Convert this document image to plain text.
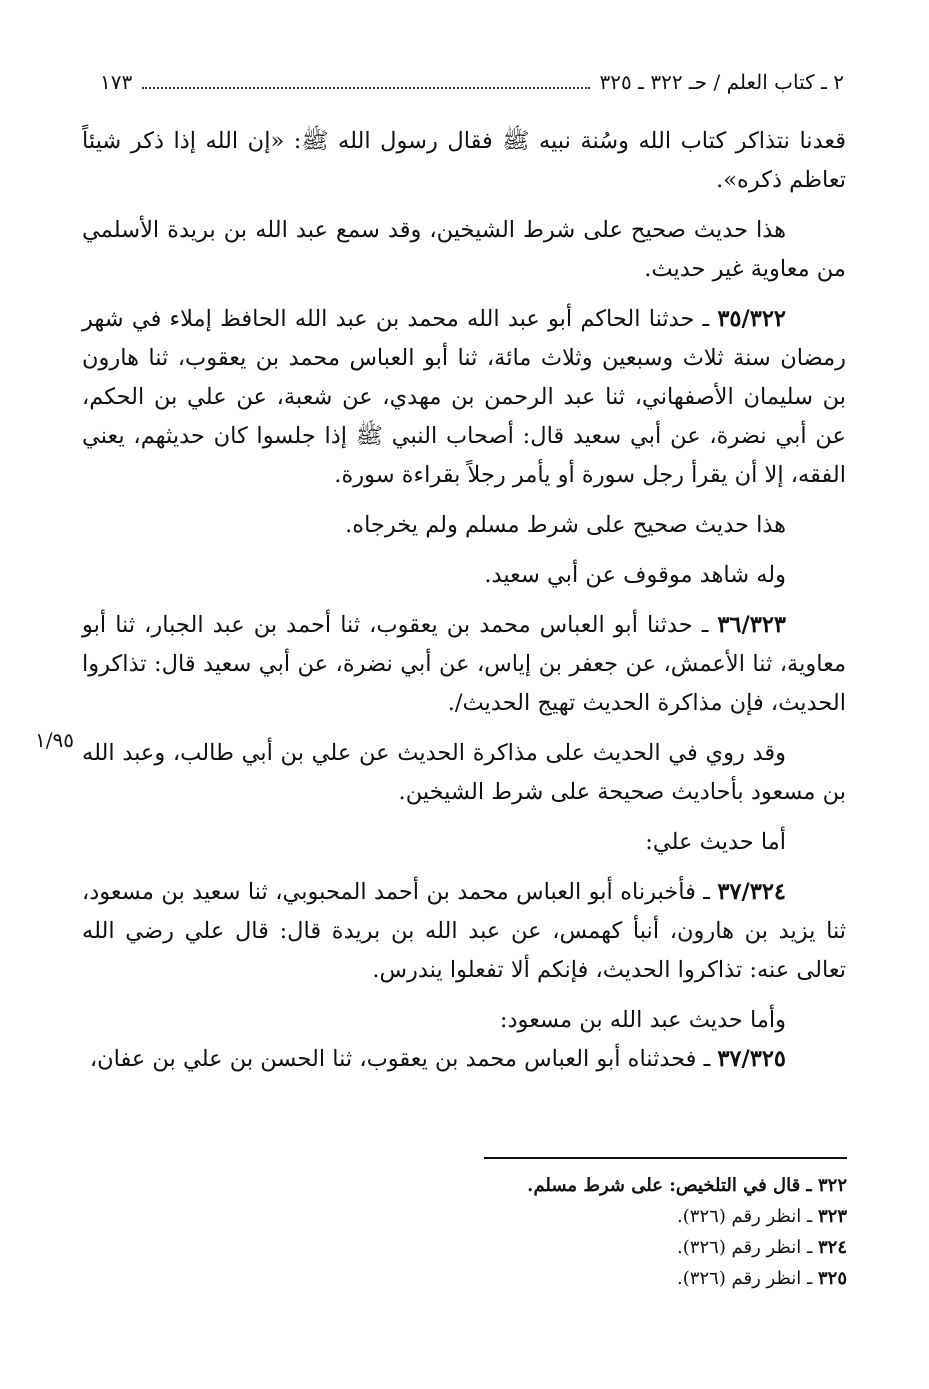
٢ ـ كتاب العلم / حـ ٣٢٢ ـ ٣٢٥
١٧٣

قعدنا نتذاكر كتاب الله وسُنة نبيه ﷺ فقال رسول الله ﷺ: «إن الله إذا ذكر شيئاً تعاظم ذكره».

هذا حديث صحيح على شرط الشيخين، وقد سمع عبد الله بن بريدة الأسلمي من معاوية غير حديث.

٣٥/٣٢٢ ـ حدثنا الحاكم أبو عبد الله محمد بن عبد الله الحافظ إملاء في شهر رمضان سنة ثلاث وسبعين وثلاث مائة، ثنا أبو العباس محمد بن يعقوب، ثنا هارون بن سليمان الأصفهاني، ثنا عبد الرحمن بن مهدي، عن شعبة، عن علي بن الحكم، عن أبي نضرة، عن أبي سعيد قال: أصحاب النبي ﷺ إذا جلسوا كان حديثهم، يعني الفقه، إلا أن يقرأ رجل سورة أو يأمر رجلاً بقراءة سورة.

هذا حديث صحيح على شرط مسلم ولم يخرجاه.

وله شاهد موقوف عن أبي سعيد.

٣٦/٣٢٣ ـ حدثنا أبو العباس محمد بن يعقوب، ثنا أحمد بن عبد الجبار، ثنا أبو معاوية، ثنا الأعمش، عن جعفر بن إياس، عن أبي نضرة، عن أبي سعيد قال: تذاكروا الحديث، فإن مذاكرة الحديث تهيج الحديث/.

وقد روي في الحديث على مذاكرة الحديث عن علي بن أبي طالب، وعبد الله بن مسعود بأحاديث صحيحة على شرط الشيخين.

أما حديث علي:

٣٧/٣٢٤ ـ فأخبرناه أبو العباس محمد بن أحمد المحبوبي، ثنا سعيد بن مسعود، ثنا يزيد بن هارون، أنبأ كهمس، عن عبد الله بن بريدة قال: قال علي رضي الله تعالى عنه: تذاكروا الحديث، فإنكم ألا تفعلوا يندرس.

وأما حديث عبد الله بن مسعود:

٣٧/٣٢٥ ـ فحدثناه أبو العباس محمد بن يعقوب، ثنا الحسن بن علي بن عفان،

١/٩٥

٣٢٢ ـ قال في التلخيص: على شرط مسلم.

٣٢٣ ـ انظر رقم (٣٢٦).

٣٢٤ ـ انظر رقم (٣٢٦).

٣٢٥ ـ انظر رقم (٣٢٦).
